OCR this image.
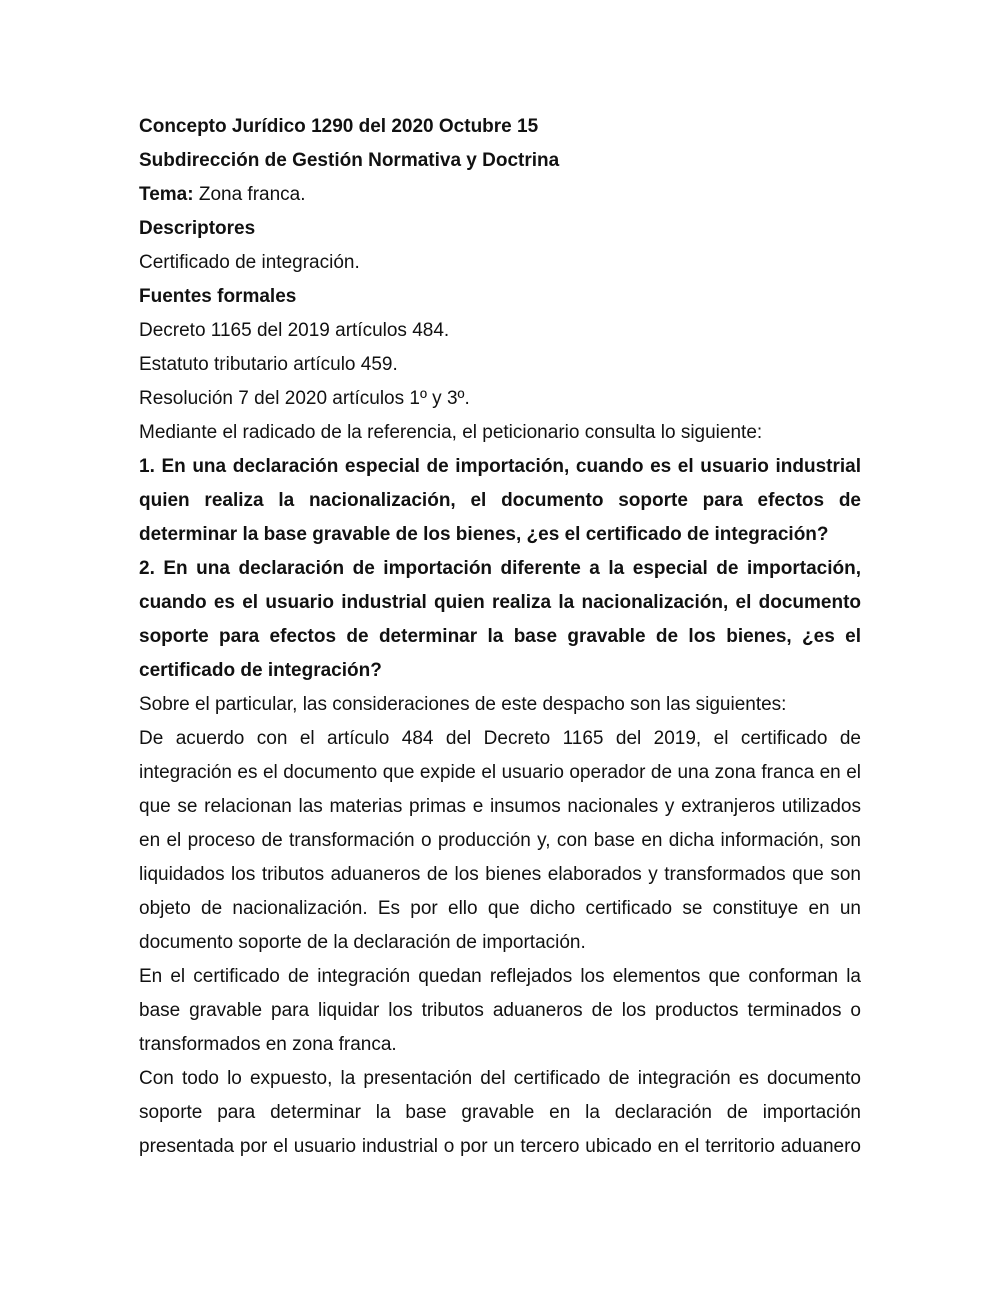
Concepto Jurídico 1290 del 2020 Octubre 15

Subdirección de Gestión Normativa y Doctrina

Tema: Zona franca.

Descriptores

Certificado de integración.

Fuentes formales

Decreto 1165 del 2019 artículos 484.

Estatuto tributario artículo 459.

Resolución 7 del 2020 artículos 1º y 3º.

Mediante el radicado de la referencia, el peticionario consulta lo siguiente:

1. En una declaración especial de importación, cuando es el usuario industrial quien realiza la nacionalización, el documento soporte para efectos de determinar la base gravable de los bienes, ¿es el certificado de integración?

2. En una declaración de importación diferente a la especial de importación, cuando es el usuario industrial quien realiza la nacionalización, el documento soporte para efectos de determinar la base gravable de los bienes, ¿es el certificado de integración?

Sobre el particular, las consideraciones de este despacho son las siguientes:

De acuerdo con el artículo 484 del Decreto 1165 del 2019, el certificado de integración es el documento que expide el usuario operador de una zona franca en el que se relacionan las materias primas e insumos nacionales y extranjeros utilizados en el proceso de transformación o producción y, con base en dicha información, son liquidados los tributos aduaneros de los bienes elaborados y transformados que son objeto de nacionalización. Es por ello que dicho certificado se constituye en un documento soporte de la declaración de importación.

En el certificado de integración quedan reflejados los elementos que conforman la base gravable para liquidar los tributos aduaneros de los productos terminados o transformados en zona franca.

Con todo lo expuesto, la presentación del certificado de integración es documento soporte para determinar la base gravable en la declaración de importación presentada por el usuario industrial o por un tercero ubicado en el territorio aduanero
